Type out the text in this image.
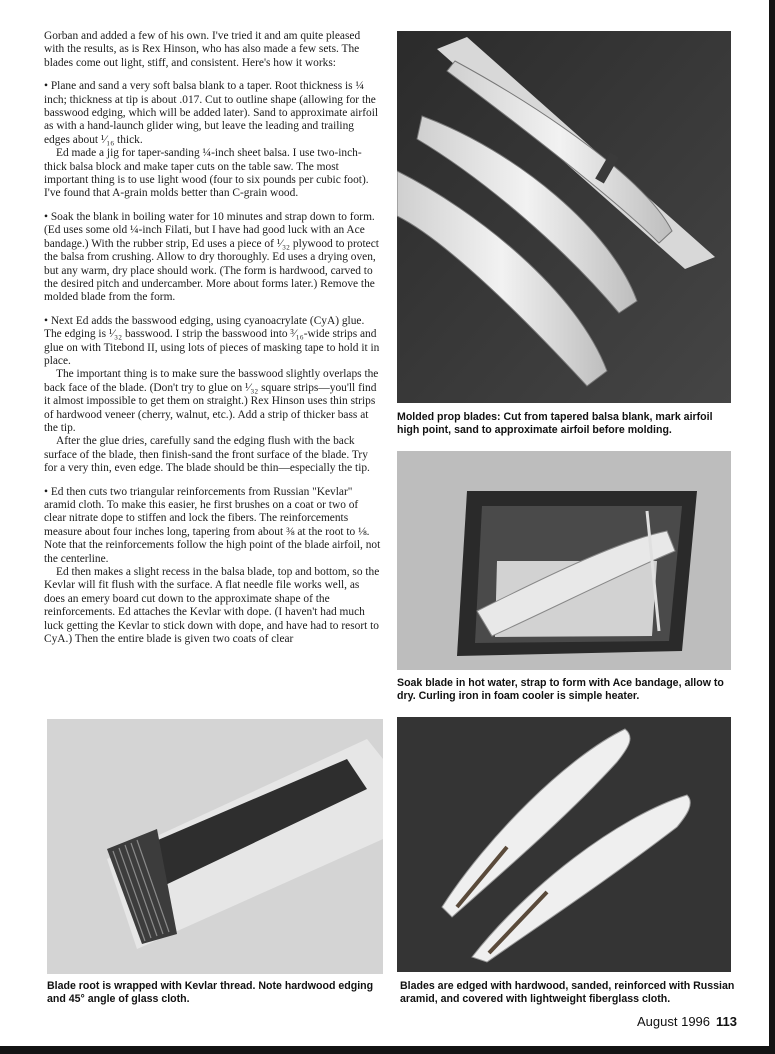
Gorban and added a few of his own. I've tried it and am quite pleased with the results, as is Rex Hinson, who has also made a few sets. The blades come out light, stiff, and consistent. Here's how it works:

• Plane and sand a very soft balsa blank to a taper. Root thickness is ¼ inch; thickness at tip is about .017. Cut to outline shape (allowing for the basswood edging, which will be added later). Sand to approximate airfoil as with a hand-launch glider wing, but leave the leading and trailing edges about ¹⁄₁₆ thick.

Ed made a jig for taper-sanding ¼-inch sheet balsa. I use two-inch-thick balsa block and make taper cuts on the table saw. The most important thing is to use light wood (four to six pounds per cubic foot). I've found that A-grain molds better than C-grain wood.

• Soak the blank in boiling water for 10 minutes and strap down to form. (Ed uses some old ¼-inch Filati, but I have had good luck with an Ace bandage.) With the rubber strip, Ed uses a piece of ¹⁄₃₂ plywood to protect the balsa from crushing. Allow to dry thoroughly. Ed uses a drying oven, but any warm, dry place should work. (The form is hardwood, carved to the desired pitch and undercamber. More about forms later.) Remove the molded blade from the form.

• Next Ed adds the basswood edging, using cyanoacrylate (CyA) glue. The edging is ¹⁄₃₂ basswood. I strip the basswood into ³⁄₁₆-wide strips and glue on with Titebond II, using lots of pieces of masking tape to hold it in place.

The important thing is to make sure the basswood slightly overlaps the back face of the blade. (Don't try to glue on ¹⁄₃₂ square strips—you'll find it almost impossible to get them on straight.) Rex Hinson uses thin strips of hardwood veneer (cherry, walnut, etc.). Add a strip of thicker bass at the tip.

After the glue dries, carefully sand the edging flush with the back surface of the blade, then finish-sand the front surface of the blade. Try for a very thin, even edge. The blade should be thin—especially the tip.

• Ed then cuts two triangular reinforcements from Russian "Kevlar" aramid cloth. To make this easier, he first brushes on a coat or two of clear nitrate dope to stiffen and lock the fibers. The reinforcements measure about four inches long, tapering from about ⅜ at the root to ⅛. Note that the reinforcements follow the high point of the blade airfoil, not the centerline.

Ed then makes a slight recess in the balsa blade, top and bottom, so the Kevlar will fit flush with the surface. A flat needle file works well, as does an emery board cut down to the approximate shape of the reinforcements. Ed attaches the Kevlar with dope. (I haven't had much luck getting the Kevlar to stick down with dope, and have had to resort to CyA.) Then the entire blade is given two coats of clear

Molded prop blades: Cut from tapered balsa blank, mark airfoil high point, sand to approximate airfoil before molding.
Soak blade in hot water, strap to form with Ace bandage, allow to dry. Curling iron in foam cooler is simple heater.
Blade root is wrapped with Kevlar thread. Note hardwood edging and 45° angle of glass cloth.
Blades are edged with hardwood, sanded, reinforced with Russian aramid, and covered with lightweight fiberglass cloth.
August 1996 113
